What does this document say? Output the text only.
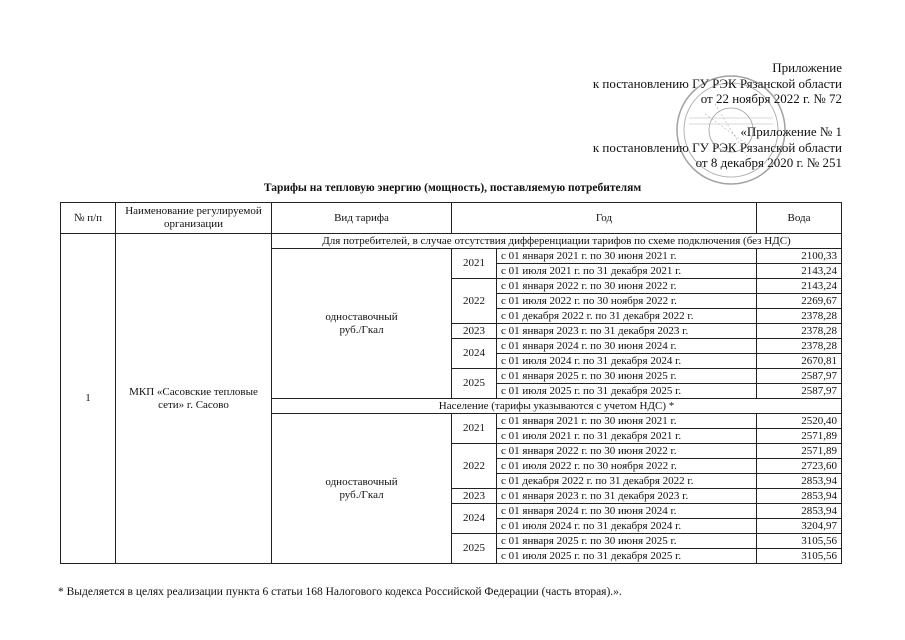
Приложение
к постановлению ГУ РЭК Рязанской области
от 22 ноября 2022 г. № 72
«Приложение № 1
к постановлению ГУ РЭК Рязанской области
от 8 декабря 2020 г. № 251
Тарифы на тепловую энергию (мощность), поставляемую потребителям
№ п/п	Наименование регулируемой организации	Вид тарифа	Год		Вода
1	МКП «Сасовские тепловые сети» г. Сасово	Для потребителей, в случае отсутствия дифференциации тарифов по схеме подключения (без НДС)			

		одноставочный
руб./Гкал	2021	с 01 января 2021 г. по 30 июня 2021 г.	2100,33
				с 01 июля 2021 г. по 31 декабря 2021 г.	2143,24
			2022	с 01 января 2022 г. по 30 июня 2022 г.	2143,24
				с 01 июля 2022 г. по 30 ноября 2022 г.	2269,67
				с 01 декабря 2022 г. по 31 декабря 2022 г.	2378,28
			2023	с 01 января 2023 г. по 31 декабря 2023 г.	2378,28
			2024	с 01 января 2024 г. по 30 июня 2024 г.	2378,28
				с 01 июля 2024 г. по 31 декабря 2024 г.	2670,81
			2025	с 01 января 2025 г. по 30 июня 2025 г.	2587,97
				с 01 июля 2025 г. по 31 декабря 2025 г.	2587,97
		Население (тарифы указываются с учетом НДС) *			

		одноставочный
руб./Гкал	2021	с 01 января 2021 г. по 30 июня 2021 г.	2520,40
				с 01 июля 2021 г. по 31 декабря 2021 г.	2571,89
			2022	с 01 января 2022 г. по 30 июня 2022 г.	2571,89
				с 01 июля 2022 г. по 30 ноября 2022 г.	2723,60
				с 01 декабря 2022 г. по 31 декабря 2022 г.	2853,94
			2023	с 01 января 2023 г. по 31 декабря 2023 г.	2853,94
			2024	с 01 января 2024 г. по 30 июня 2024 г.	2853,94
				с 01 июля 2024 г. по 31 декабря 2024 г.	3204,97
			2025	с 01 января 2025 г. по 30 июня 2025 г.	3105,56
				с 01 июля 2025 г. по 31 декабря 2025 г.	3105,56
* Выделяется в целях реализации пункта 6 статьи 168 Налогового кодекса Российской Федерации (часть вторая).».
